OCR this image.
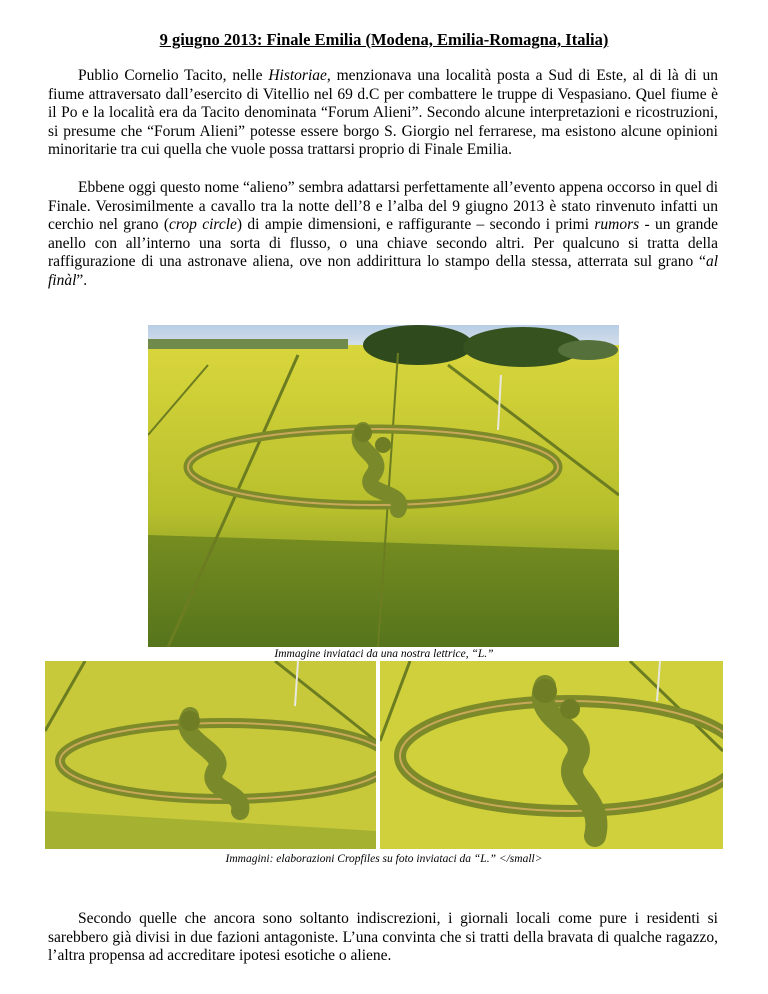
9 giugno 2013: Finale Emilia (Modena, Emilia-Romagna, Italia)

Publio Cornelio Tacito, nelle Historiae, menzionava una località posta a Sud di Este, al di là di un fiume attraversato dall’esercito di Vitellio nel 69 d.C per combattere le truppe di Vespasiano. Quel fiume è il Po e la località era da Tacito denominata “Forum Alieni”. Secondo alcune interpretazioni e ricostruzioni, si presume che “Forum Alieni” potesse essere borgo S. Giorgio nel ferrarese, ma esistono alcune opinioni minoritarie tra cui quella che vuole possa trattarsi proprio di Finale Emilia.

Ebbene oggi questo nome “alieno” sembra adattarsi perfettamente all’evento appena occorso in quel di Finale. Verosimilmente a cavallo tra la notte dell’8 e l’alba del 9 giugno 2013 è stato rinvenuto infatti un cerchio nel grano (crop circle) di ampie dimensioni, e raffigurante – secondo i primi rumors - un grande anello con all’interno una sorta di flusso, o una chiave secondo altri. Per qualcuno si tratta della raffigurazione di una astronave aliena, ove non addirittura lo stampo della stessa, atterrata sul grano “al finàl”.

Immagine inviataci da una nostra lettrice, “L.”
Immagini: elaborazioni Cropfiles su foto inviataci da “L.” </small>

Secondo quelle che ancora sono soltanto indiscrezioni, i giornali locali come pure i residenti si sarebbero già divisi in due fazioni antagoniste. L’una convinta che si tratti della bravata di qualche ragazzo, l’altra propensa ad accreditare ipotesi esotiche o aliene.
